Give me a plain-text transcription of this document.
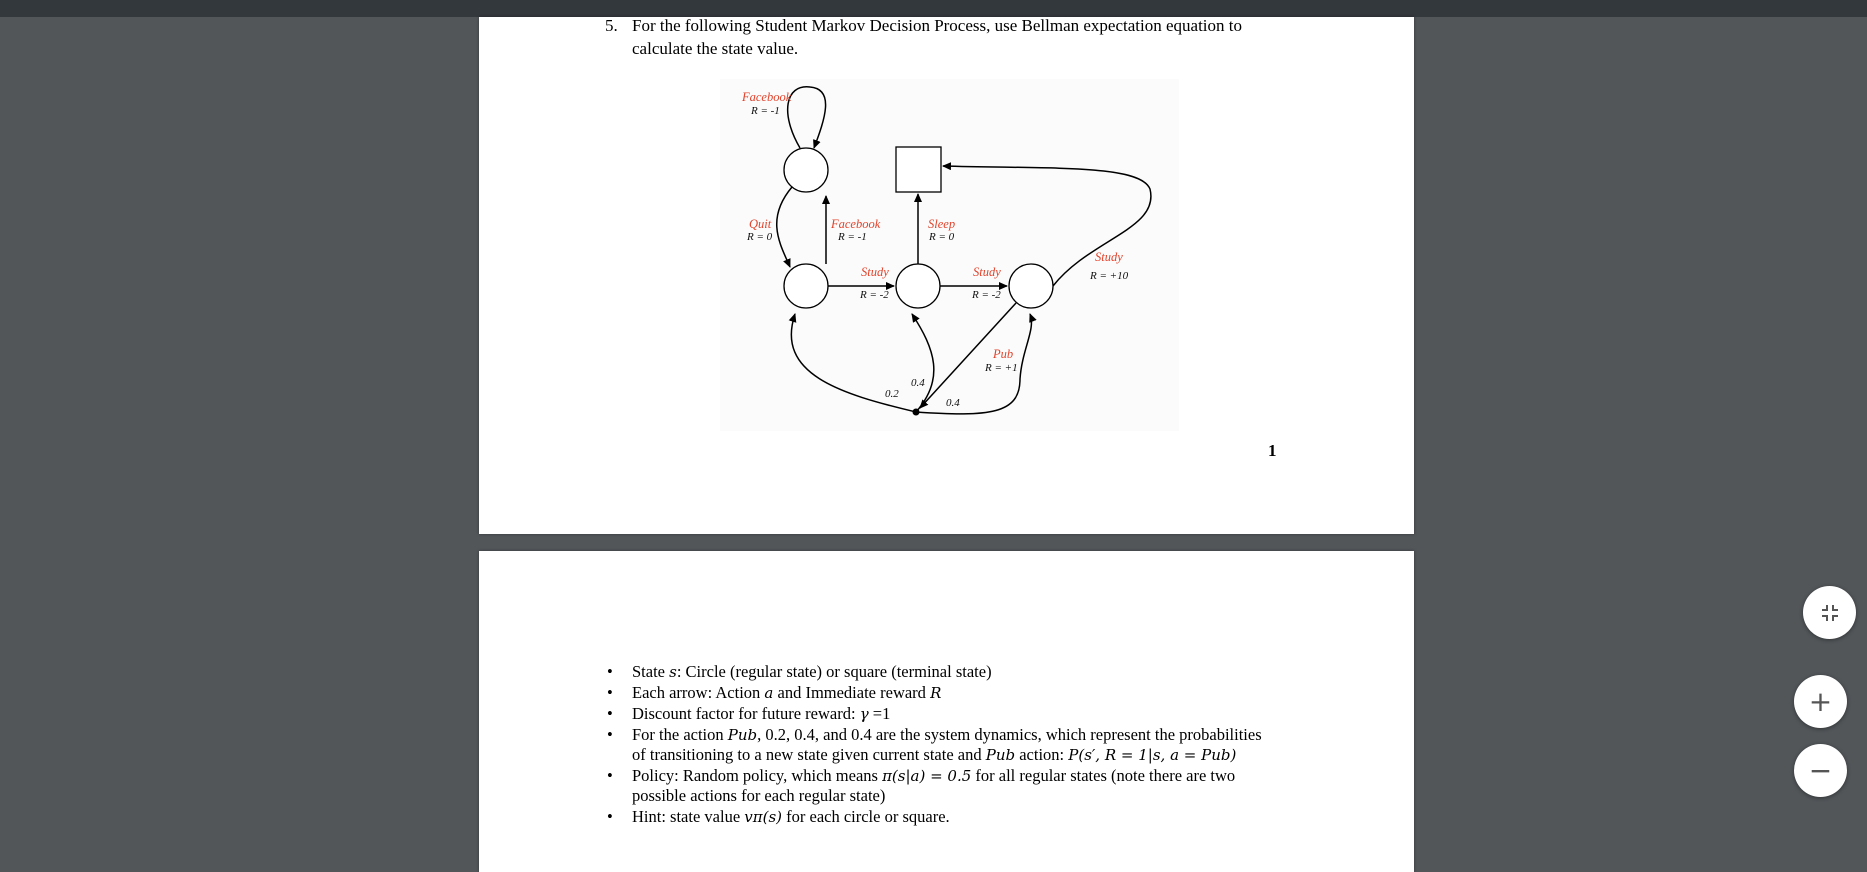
5. For the following Student Markov Decision Process, use Bellman expectation equation to
calculate the state value.
Facebook
R = -1
Quit
R = 0
Facebook
R = -1
Sleep
R = 0
Study
R = -2
Study
R = -2
Study
R = +10
Pub
R = +1
0.2
0.4
0.4
1
• State s: Circle (regular state) or square (terminal state)
• Each arrow: Action a and Immediate reward R
• Discount factor for future reward: γ =1
• For the action Pub, 0.2, 0.4, and 0.4 are the system dynamics, which represent the probabilities
of transitioning to a new state given current state and Pub action: P(s′, R = 1|s, a = Pub)
• Policy: Random policy, which means π(s|a) = 0.5 for all regular states (note there are two
possible actions for each regular state)
• Hint: state value vπ(s) for each circle or square.
+
−
